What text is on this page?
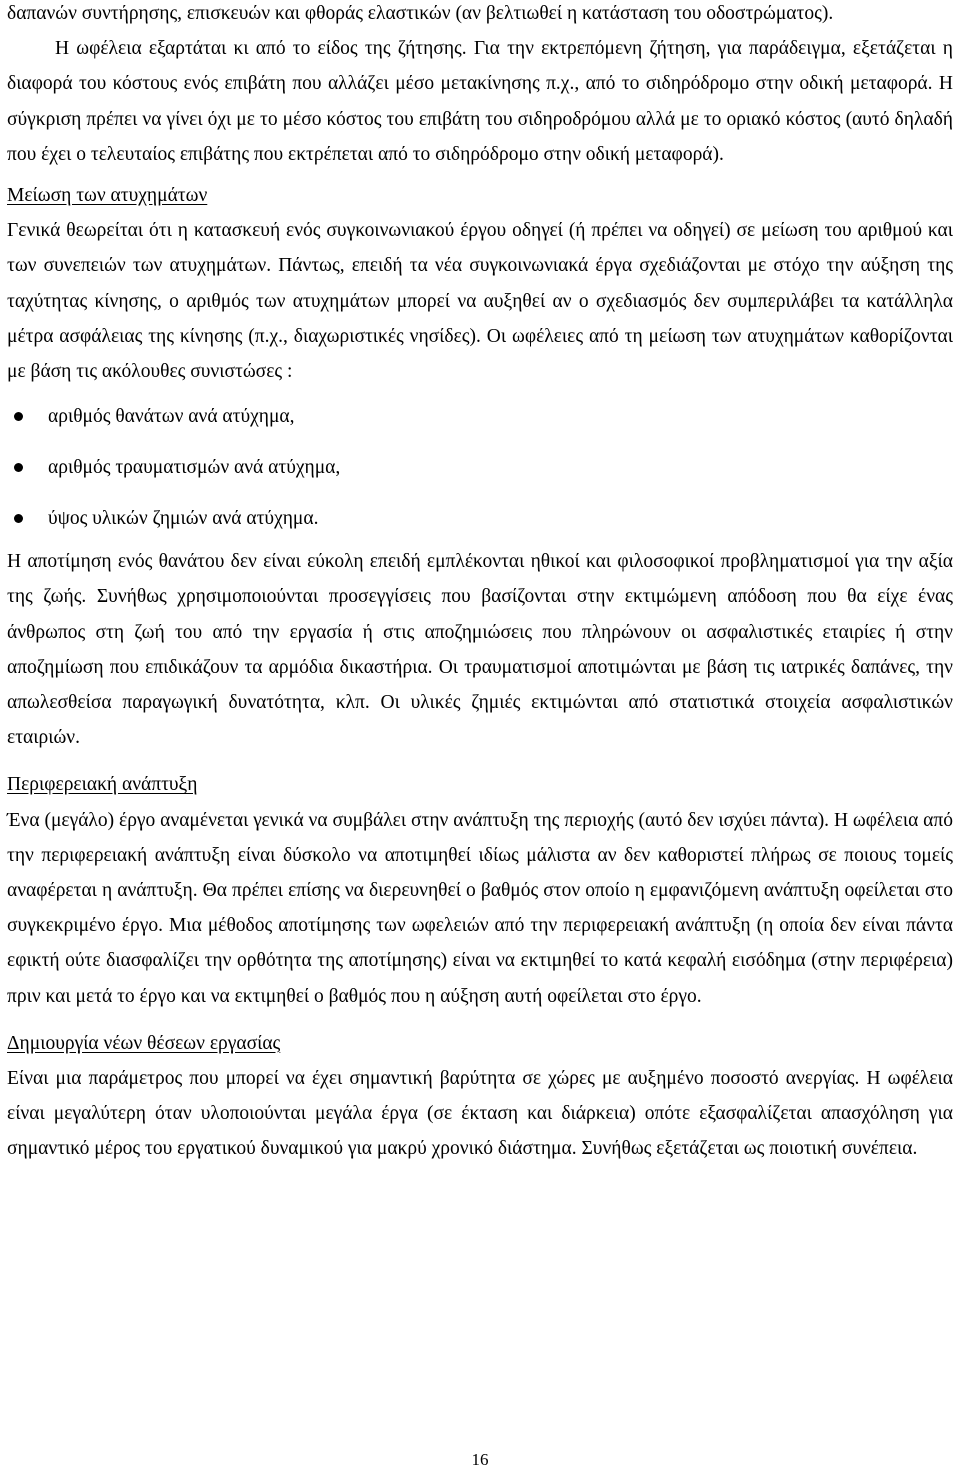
δαπανών συντήρησης, επισκευών και φθοράς ελαστικών (αν βελτιωθεί η κατάσταση του οδοστρώματος).

Η ωφέλεια εξαρτάται κι από το είδος της ζήτησης. Για την εκτρεπόμενη ζήτηση, για παράδειγμα, εξετάζεται η διαφορά του κόστους ενός επιβάτη που αλλάζει μέσο μετακίνησης π.χ., από το σιδηρόδρομο στην οδική μεταφορά. Η σύγκριση πρέπει να γίνει όχι με το μέσο κόστος του επιβάτη του σιδηροδρόμου αλλά με το οριακό κόστος (αυτό δηλαδή που έχει ο τελευταίος επιβάτης που εκτρέπεται από το σιδηρόδρομο στην οδική μεταφορά).

Μείωση των ατυχημάτων

Γενικά θεωρείται ότι η κατασκευή ενός συγκοινωνιακού έργου οδηγεί (ή πρέπει να οδηγεί) σε μείωση του αριθμού και των συνεπειών των ατυχημάτων. Πάντως, επειδή τα νέα συγκοινωνιακά έργα σχεδιάζονται με στόχο την αύξηση της ταχύτητας κίνησης, ο αριθμός των ατυχημάτων μπορεί να αυξηθεί αν ο σχεδιασμός δεν συμπεριλάβει τα κατάλληλα μέτρα ασφάλειας της κίνησης (π.χ., διαχωριστικές νησίδες). Οι ωφέλειες από τη μείωση των ατυχημάτων καθορίζονται με βάση τις ακόλουθες συνιστώσες :

αριθμός θανάτων ανά ατύχημα,
αριθμός τραυματισμών ανά ατύχημα,
ύψος υλικών ζημιών ανά ατύχημα.

Η αποτίμηση ενός θανάτου δεν είναι εύκολη επειδή εμπλέκονται ηθικοί και φιλοσοφικοί προβληματισμοί για την αξία της ζωής. Συνήθως χρησιμοποιούνται προσεγγίσεις που βασίζονται στην εκτιμώμενη απόδοση που θα είχε ένας άνθρωπος στη ζωή του από την εργασία ή στις αποζημιώσεις που πληρώνουν οι ασφαλιστικές εταιρίες ή στην αποζημίωση που επιδικάζουν τα αρμόδια δικαστήρια. Οι τραυματισμοί αποτιμώνται με βάση τις ιατρικές δαπάνες, την απωλεσθείσα παραγωγική δυνατότητα, κλπ. Οι υλικές ζημιές εκτιμώνται από στατιστικά στοιχεία ασφαλιστικών εταιριών.

Περιφερειακή ανάπτυξη

Ένα (μεγάλο) έργο αναμένεται γενικά να συμβάλει στην ανάπτυξη της περιοχής (αυτό δεν ισχύει πάντα). Η ωφέλεια από την περιφερειακή ανάπτυξη είναι δύσκολο να αποτιμηθεί ιδίως μάλιστα αν δεν καθοριστεί πλήρως σε ποιους τομείς αναφέρεται η ανάπτυξη. Θα πρέπει επίσης να διερευνηθεί ο βαθμός στον οποίο η εμφανιζόμενη ανάπτυξη οφείλεται στο συγκεκριμένο έργο. Μια μέθοδος αποτίμησης των ωφελειών από την περιφερειακή ανάπτυξη (η οποία δεν είναι πάντα εφικτή ούτε διασφαλίζει την ορθότητα της αποτίμησης) είναι να εκτιμηθεί το κατά κεφαλή εισόδημα (στην περιφέρεια) πριν και μετά το έργο και να εκτιμηθεί ο βαθμός που η αύξηση αυτή οφείλεται στο έργο.

Δημιουργία νέων θέσεων εργασίας

Είναι μια παράμετρος που μπορεί να έχει σημαντική βαρύτητα σε χώρες με αυξημένο ποσοστό ανεργίας. Η ωφέλεια είναι μεγαλύτερη όταν υλοποιούνται μεγάλα έργα (σε έκταση και διάρκεια) οπότε εξασφαλίζεται απασχόληση για σημαντικό μέρος του εργατικού δυναμικού για μακρύ χρονικό διάστημα. Συνήθως εξετάζεται ως ποιοτική συνέπεια.

16
